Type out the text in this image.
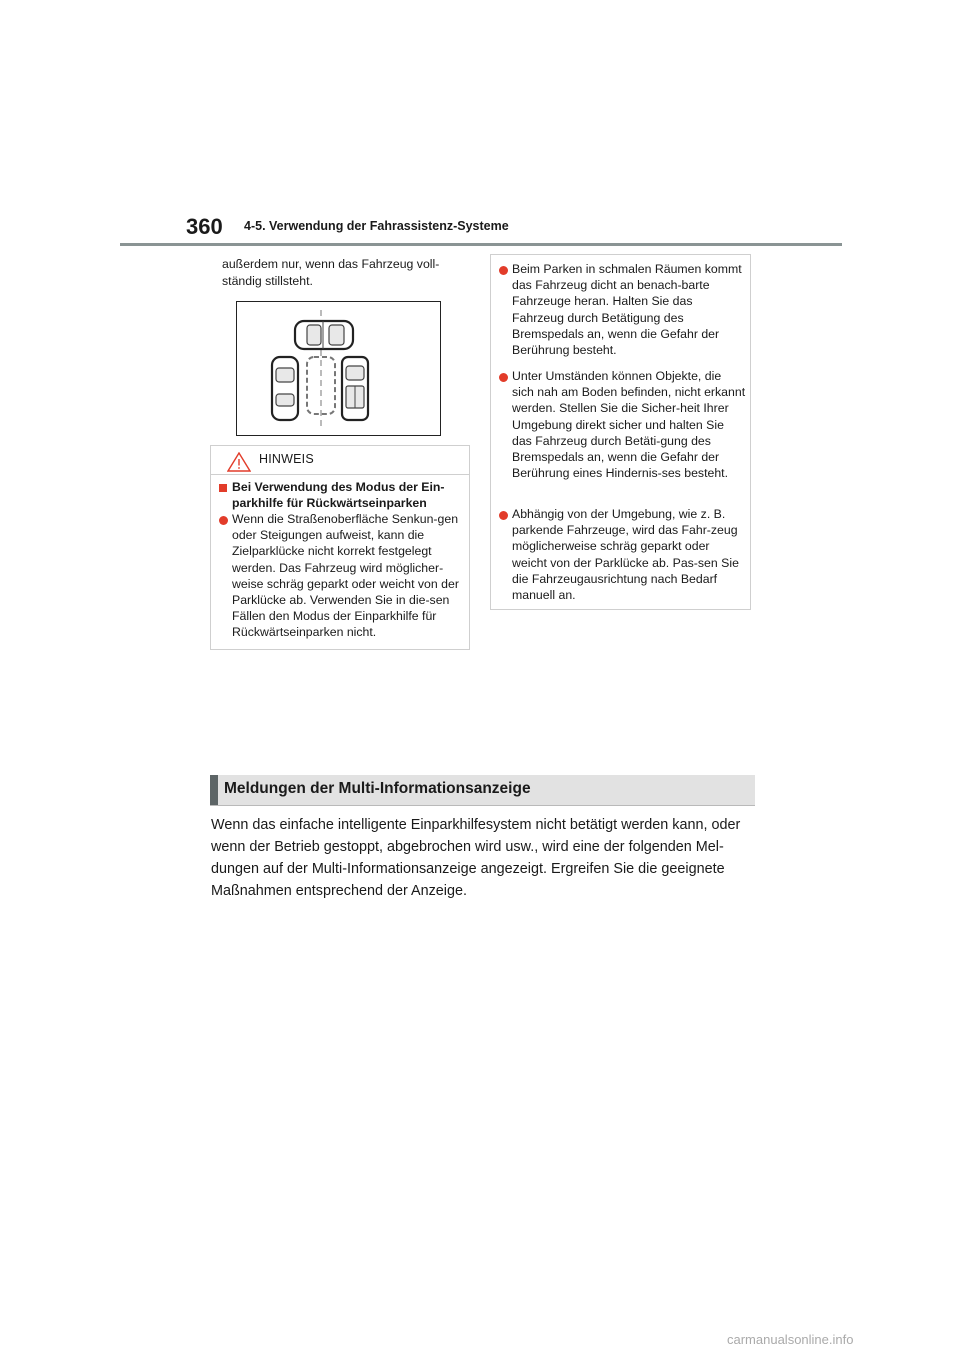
360 4-5. Verwendung der Fahrassistenz-Systeme
außerdem nur, wenn das Fahrzeug voll-ständig stillsteht.
HINWEIS
Bei Verwendung des Modus der Ein-parkhilfe für Rückwärtseinparken
Wenn die Straßenoberfläche Senkun-gen oder Steigungen aufweist, kann die Zielparklücke nicht korrekt festgelegt werden. Das Fahrzeug wird möglicher-weise schräg geparkt oder weicht von der Parklücke ab. Verwenden Sie in die-sen Fällen den Modus der Einparkhilfe für Rückwärtseinparken nicht.
Beim Parken in schmalen Räumen kommt das Fahrzeug dicht an benach-barte Fahrzeuge heran. Halten Sie das Fahrzeug durch Betätigung des Bremspedals an, wenn die Gefahr der Berührung besteht.
Unter Umständen können Objekte, die sich nah am Boden befinden, nicht erkannt werden. Stellen Sie die Sicher-heit Ihrer Umgebung direkt sicher und halten Sie das Fahrzeug durch Betäti-gung des Bremspedals an, wenn die Gefahr der Berührung eines Hindernis-ses besteht.
Abhängig von der Umgebung, wie z. B. parkende Fahrzeuge, wird das Fahr-zeug möglicherweise schräg geparkt oder weicht von der Parklücke ab. Pas-sen Sie die Fahrzeugausrichtung nach Bedarf manuell an.
Meldungen der Multi-Informationsanzeige
Wenn das einfache intelligente Einparkhilfesystem nicht betätigt werden kann, oder wenn der Betrieb gestoppt, abgebrochen wird usw., wird eine der folgenden Mel-dungen auf der Multi-Informationsanzeige angezeigt. Ergreifen Sie die geeignete Maßnahmen entsprechend der Anzeige.
carmanualsonline.info
